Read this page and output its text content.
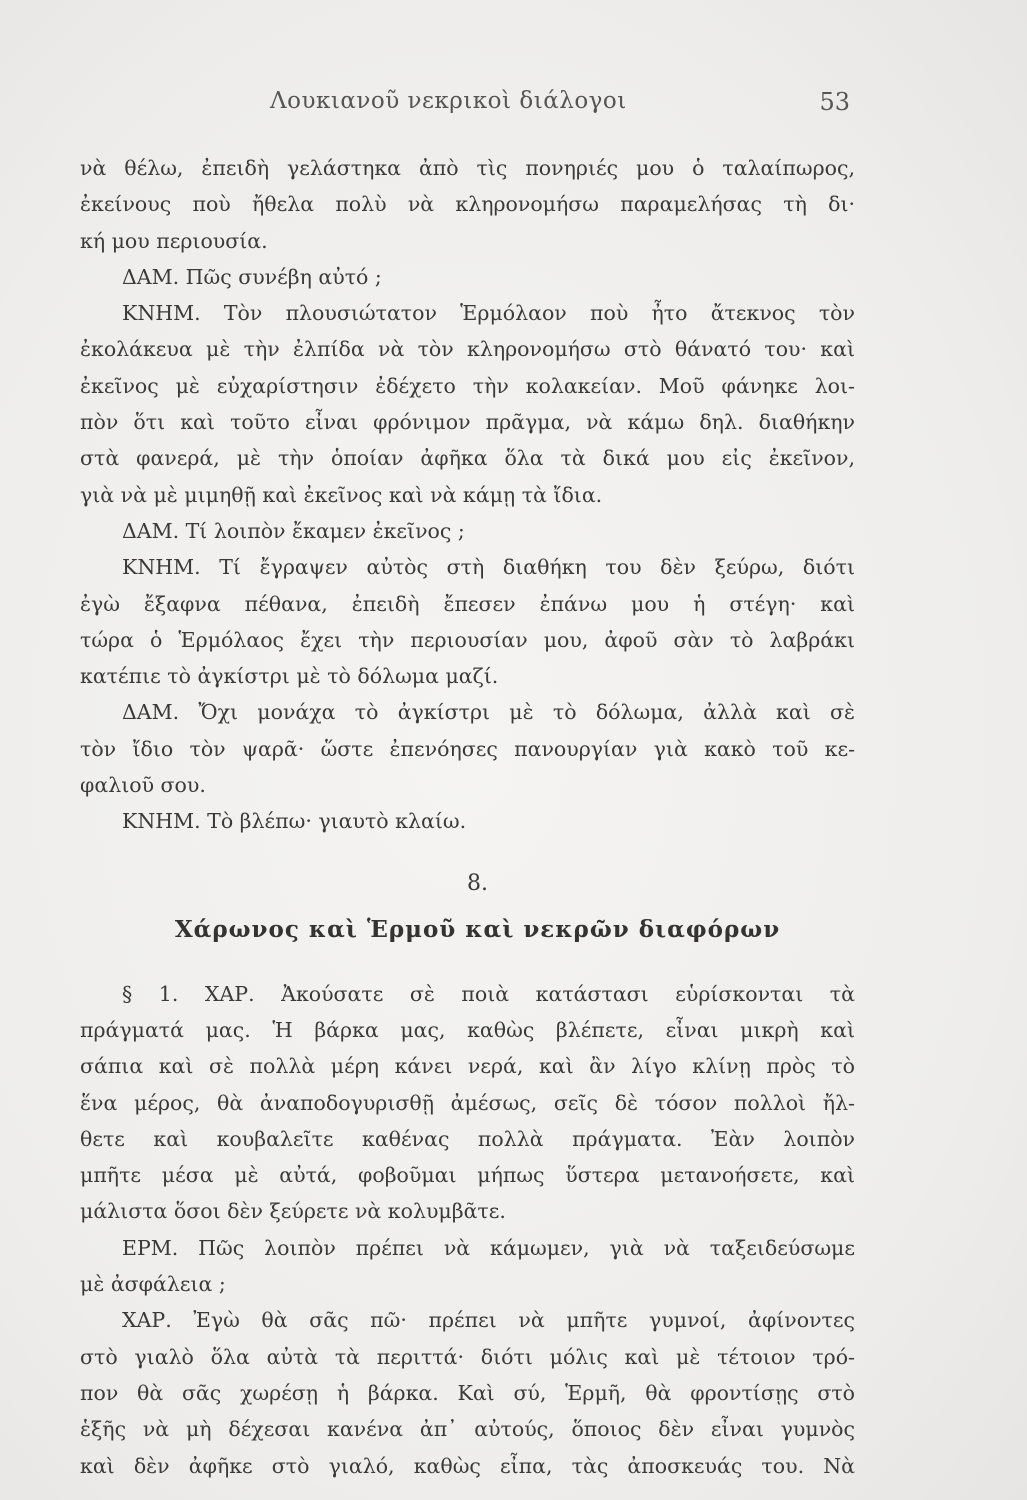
Λουκιανοῦ νεκρικοὶ διάλογοι	53
νὰ θέλω, ἐπειδὴ γελάστηκα ἀπὸ τὶς πονηριές μου ὁ ταλαίπωρος,
ἐκείνους ποὺ ἤθελα πολὺ νὰ κληρονομήσω παραμελήσας τὴ δι·
κή μου περιουσία.
ΔΑΜ. Πῶς συνέβη αὐτό ;
ΚΝΗΜ. Τὸν πλουσιώτατον Ἑρμόλαον ποὺ ἦτο ἄτεκνος τὸν
ἐκολάκευα μὲ τὴν ἐλπίδα νὰ τὸν κληρονομήσω στὸ θάνατό του· καὶ
ἐκεῖνος μὲ εὐχαρίστησιν ἐδέχετο τὴν κολακείαν. Μοῦ φάνηκε λοι-
πὸν ὅτι καὶ τοῦτο εἶναι φρόνιμον πρᾶγμα, νὰ κάμω δηλ. διαθήκην
στὰ φανερά, μὲ τὴν ὁποίαν ἀφῆκα ὅλα τὰ δικά μου εἰς ἐκεῖνον,
γιὰ νὰ μὲ μιμηθῇ καὶ ἐκεῖνος καὶ νὰ κάμῃ τὰ ἴδια.
ΔΑΜ. Τί λοιπὸν ἔκαμεν ἐκεῖνος ;
ΚΝΗΜ. Τί ἔγραψεν αὐτὸς στὴ διαθήκη του δὲν ξεύρω, διότι
ἐγὼ ἔξαφνα πέθανα, ἐπειδὴ ἔπεσεν ἐπάνω μου ἡ στέγη· καὶ
τώρα ὁ Ἑρμόλαος ἔχει τὴν περιουσίαν μου, ἀφοῦ σὰν τὸ λαβράκι
κατέπιε τὸ ἀγκίστρι μὲ τὸ δόλωμα μαζί.
ΔΑΜ. Ὄχι μονάχα τὸ ἀγκίστρι μὲ τὸ δόλωμα, ἀλλὰ καὶ σὲ
τὸν ἴδιο τὸν ψαρᾶ· ὥστε ἐπενόησες πανουργίαν γιὰ κακὸ τοῦ κε-
φαλιοῦ σου.
ΚΝΗΜ. Τὸ βλέπω· γιαυτὸ κλαίω.
8.
Χάρωνος καὶ Ἑρμοῦ καὶ νεκρῶν διαφόρων
§ 1. ΧΑΡ. Ἀκούσατε σὲ ποιὰ κατάστασι εὑρίσκονται τὰ
πράγματά μας. Ἡ βάρκα μας, καθὼς βλέπετε, εἶναι μικρὴ καὶ
σάπια καὶ σὲ πολλὰ μέρη κάνει νερά, καὶ ἂν λίγο κλίνῃ πρὸς τὸ
ἕνα μέρος, θὰ ἀναποδογυρισθῇ ἀμέσως, σεῖς δὲ τόσον πολλοὶ ἤλ-
θετε καὶ κουβαλεῖτε καθένας πολλὰ πράγματα. Ἐὰν λοιπὸν
μπῆτε μέσα μὲ αὐτά, φοβοῦμαι μήπως ὕστερα μετανοήσετε, καὶ
μάλιστα ὅσοι δὲν ξεύρετε νὰ κολυμβᾶτε.
ΕΡΜ. Πῶς λοιπὸν πρέπει νὰ κάμωμεν, γιὰ νὰ ταξειδεύσωμε
μὲ ἀσφάλεια ;
ΧΑΡ. Ἐγὼ θὰ σᾶς πῶ· πρέπει νὰ μπῆτε γυμνοί, ἀφίνοντες
στὸ γιαλὸ ὅλα αὐτὰ τὰ περιττά· διότι μόλις καὶ μὲ τέτοιον τρό-
πον θὰ σᾶς χωρέσῃ ἡ βάρκα. Καὶ σύ, Ἑρμῆ, θὰ φροντίσῃς στὸ
ἑξῆς νὰ μὴ δέχεσαι κανένα ἀπ᾽ αὐτούς, ὅποιος δὲν εἶναι γυμνὸς
καὶ δὲν ἀφῆκε στὸ γιαλό, καθὼς εἶπα, τὰς ἀποσκευάς του. Νὰ
